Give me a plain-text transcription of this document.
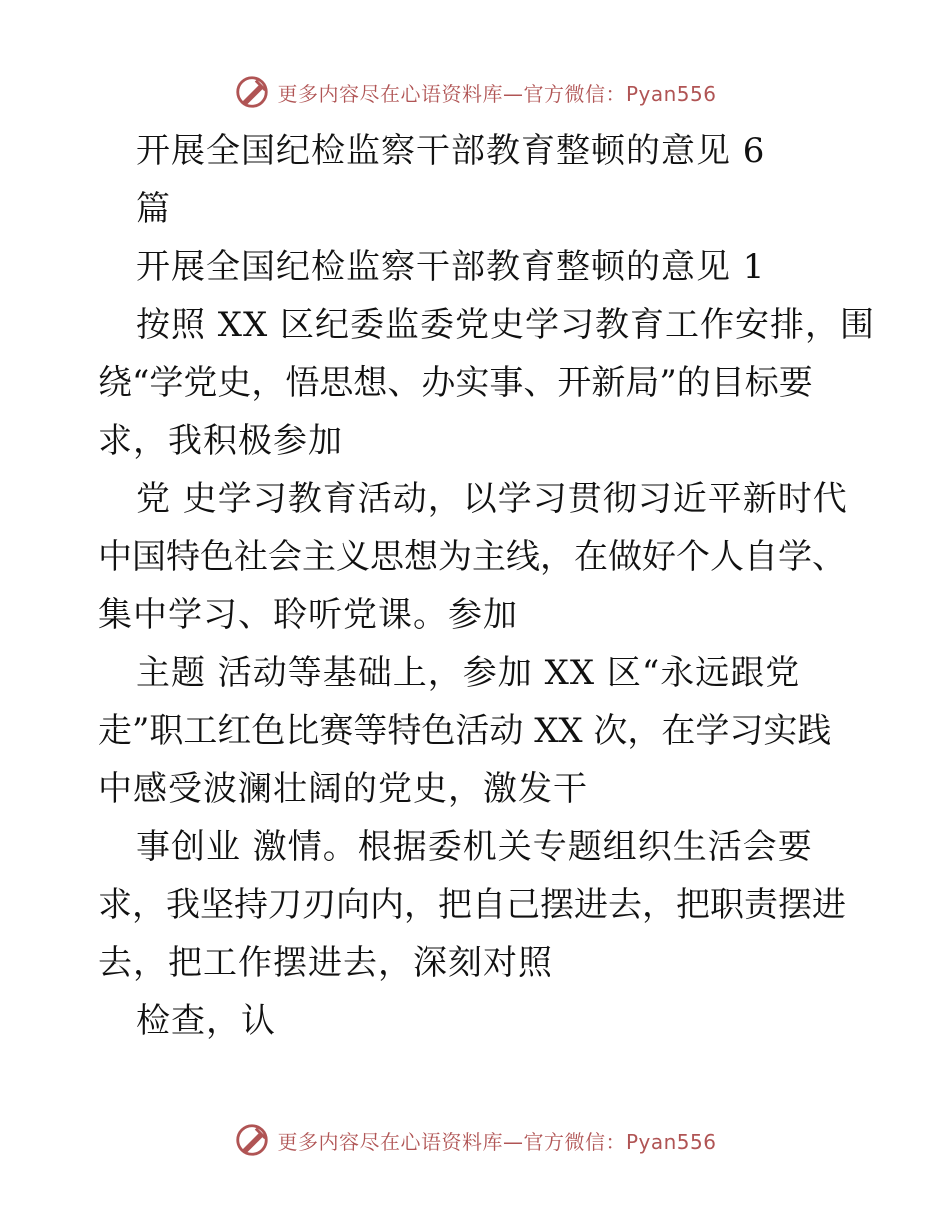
更多内容尽在心语资料库—官方微信：Pyan556
开展全国纪检监察干部教育整顿的意见 6
篇
开展全国纪检监察干部教育整顿的意见 1
按照 XX 区纪委监委党史学习教育工作安排，围
绕“学党史，悟思想、办实事、开新局”的目标要
求，我积极参加
党 史学习教育活动，以学习贯彻习近平新时代
中国特色社会主义思想为主线，在做好个人自学、
集中学习、聆听党课。参加
主题 活动等基础上，参加 XX 区“永远跟党
走”职工红色比赛等特色活动 XX 次，在学习实践
中感受波澜壮阔的党史，激发干
事创业 激情。根据委机关专题组织生活会要
求，我坚持刀刃向内，把自己摆进去，把职责摆进
去，把工作摆进去，深刻对照
检查，认
更多内容尽在心语资料库—官方微信：Pyan556
